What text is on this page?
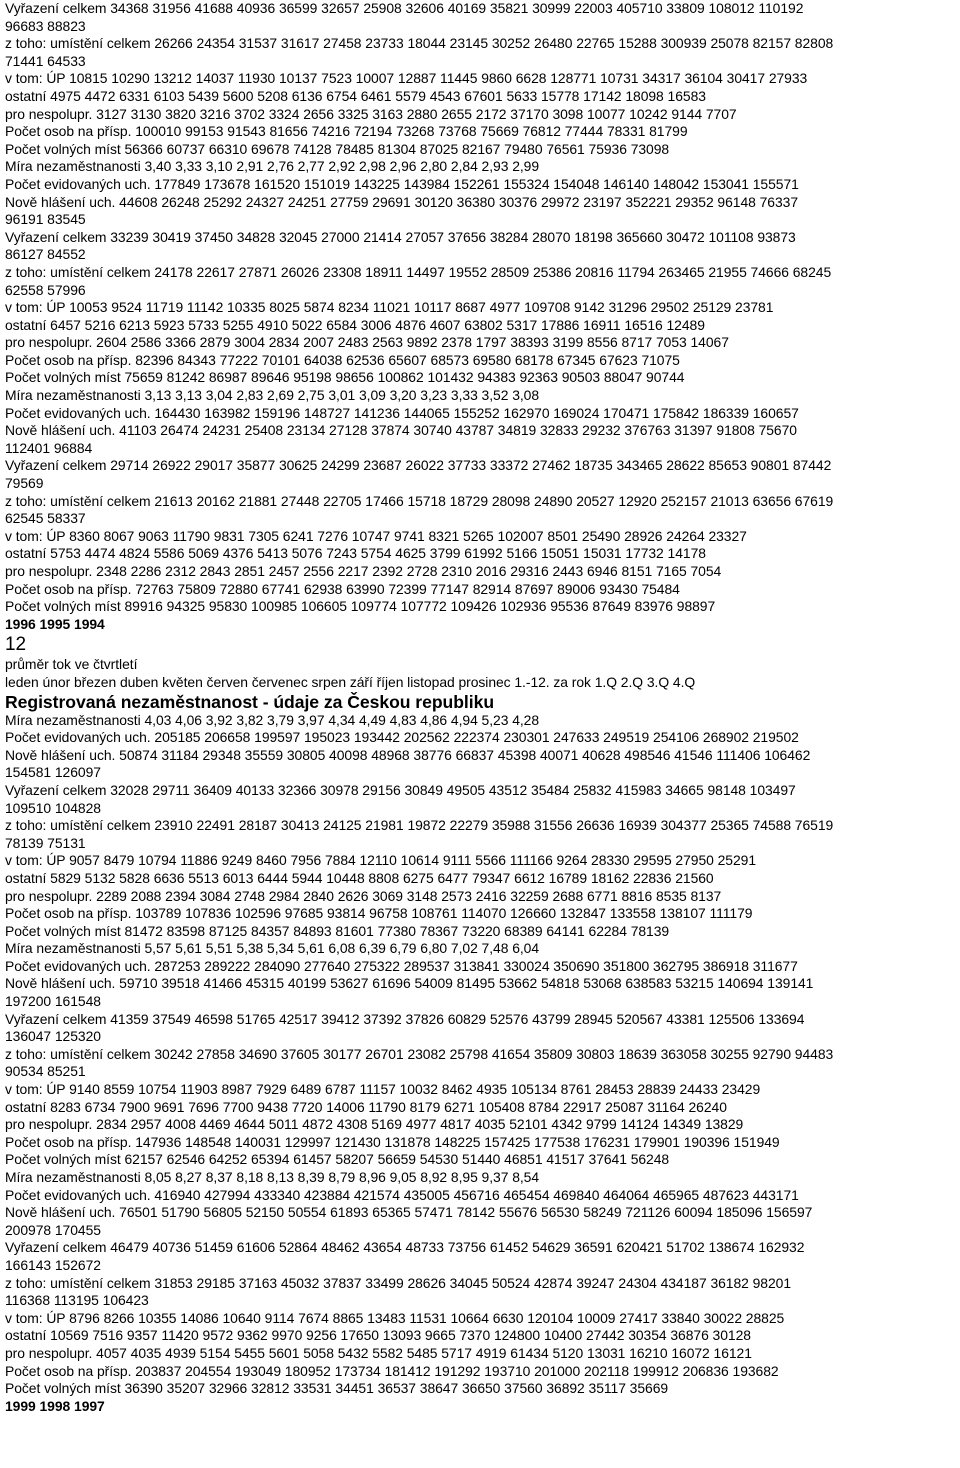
Vyřazení celkem 34368 31956 41688 40936 36599 32657 25908 32606 40169 35821 30999 22003 405710 33809 108012 110192
96683 88823
z toho: umístění celkem 26266 24354 31537 31617 27458 23733 18044 23145 30252 26480 22765 15288 300939 25078 82157 82808
71441 64533
v tom: ÚP 10815 10290 13212 14037 11930 10137 7523 10007 12887 11445 9860 6628 128771 10731 34317 36104 30417 27933
ostatní 4975 4472 6331 6103 5439 5600 5208 6136 6754 6461 5579 4543 67601 5633 15778 17142 18098 16583
pro nespolupr. 3127 3130 3820 3216 3702 3324 2656 3325 3163 2880 2655 2172 37170 3098 10077 10242 9144 7707
Počet osob na přísp. 100010 99153 91543 81656 74216 72194 73268 73768 75669 76812 77444 78331 81799
Počet volných míst 56366 60737 66310 69678 74128 78485 81304 87025 82167 79480 76561 75936 73098
Míra nezaměstnanosti 3,40 3,33 3,10 2,91 2,76 2,77 2,92 2,98 2,96 2,80 2,84 2,93 2,99
Počet evidovaných uch. 177849 173678 161520 151019 143225 143984 152261 155324 154048 146140 148042 153041 155571
Nově hlášení uch. 44608 26248 25292 24327 24251 27759 29691 30120 36380 30376 29972 23197 352221 29352 96148 76337
96191 83545
Vyřazení celkem 33239 30419 37450 34828 32045 27000 21414 27057 37656 38284 28070 18198 365660 30472 101108 93873
86127 84552
z toho: umístění celkem 24178 22617 27871 26026 23308 18911 14497 19552 28509 25386 20816 11794 263465 21955 74666 68245
62558 57996
v tom: ÚP 10053 9524 11719 11142 10335 8025 5874 8234 11021 10117 8687 4977 109708 9142 31296 29502 25129 23781
ostatní 6457 5216 6213 5923 5733 5255 4910 5022 6584 3006 4876 4607 63802 5317 17886 16911 16516 12489
pro nespolupr. 2604 2586 3366 2879 3004 2834 2007 2483 2563 9892 2378 1797 38393 3199 8556 8717 7053 14067
Počet osob na přísp. 82396 84343 77222 70101 64038 62536 65607 68573 69580 68178 67345 67623 71075
Počet volných míst 75659 81242 86987 89646 95198 98656 100862 101432 94383 92363 90503 88047 90744
Míra nezaměstnanosti 3,13 3,13 3,04 2,83 2,69 2,75 3,01 3,09 3,20 3,23 3,33 3,52 3,08
Počet evidovaných uch. 164430 163982 159196 148727 141236 144065 155252 162970 169024 170471 175842 186339 160657
Nově hlášení uch. 41103 26474 24231 25408 23134 27128 37874 30740 43787 34819 32833 29232 376763 31397 91808 75670
112401 96884
Vyřazení celkem 29714 26922 29017 35877 30625 24299 23687 26022 37733 33372 27462 18735 343465 28622 85653 90801 87442
79569
z toho: umístění celkem 21613 20162 21881 27448 22705 17466 15718 18729 28098 24890 20527 12920 252157 21013 63656 67619
62545 58337
v tom: ÚP 8360 8067 9063 11790 9831 7305 6241 7276 10747 9741 8321 5265 102007 8501 25490 28926 24264 23327
ostatní 5753 4474 4824 5586 5069 4376 5413 5076 7243 5754 4625 3799 61992 5166 15051 15031 17732 14178
pro nespolupr. 2348 2286 2312 2843 2851 2457 2556 2217 2392 2728 2310 2016 29316 2443 6946 8151 7165 7054
Počet osob na přísp. 72763 75809 72880 67741 62938 63990 72399 77147 82914 87697 89006 93430 75484
Počet volných míst 89916 94325 95830 100985 106605 109774 107772 109426 102936 95536 87649 83976 98897
1996 1995 1994
12
průměr tok ve čtvrtletí
leden únor březen duben květen červen červenec srpen září říjen listopad prosinec 1.-12. za rok 1.Q 2.Q 3.Q 4.Q
Registrovaná nezaměstnanost - údaje za Českou republiku
Míra nezaměstnanosti 4,03 4,06 3,92 3,82 3,79 3,97 4,34 4,49 4,83 4,86 4,94 5,23 4,28
Počet evidovaných uch. 205185 206658 199597 195023 193442 202562 222374 230301 247633 249519 254106 268902 219502
Nově hlášení uch. 50874 31184 29348 35559 30805 40098 48968 38776 66837 45398 40071 40628 498546 41546 111406 106462
154581 126097
Vyřazení celkem 32028 29711 36409 40133 32366 30978 29156 30849 49505 43512 35484 25832 415983 34665 98148 103497
109510 104828
z toho: umístění celkem 23910 22491 28187 30413 24125 21981 19872 22279 35988 31556 26636 16939 304377 25365 74588 76519
78139 75131
v tom: ÚP 9057 8479 10794 11886 9249 8460 7956 7884 12110 10614 9111 5566 111166 9264 28330 29595 27950 25291
ostatní 5829 5132 5828 6636 5513 6013 6444 5944 10448 8808 6275 6477 79347 6612 16789 18162 22836 21560
pro nespolupr. 2289 2088 2394 3084 2748 2984 2840 2626 3069 3148 2573 2416 32259 2688 6771 8816 8535 8137
Počet osob na přísp. 103789 107836 102596 97685 93814 96758 108761 114070 126660 132847 133558 138107 111179
Počet volných míst 81472 83598 87125 84357 84893 81601 77380 78367 73220 68389 64141 62284 78139
Míra nezaměstnanosti 5,57 5,61 5,51 5,38 5,34 5,61 6,08 6,39 6,79 6,80 7,02 7,48 6,04
Počet evidovaných uch. 287253 289222 284090 277640 275322 289537 313841 330024 350690 351800 362795 386918 311677
Nově hlášení uch. 59710 39518 41466 45315 40199 53627 61696 54009 81495 53662 54818 53068 638583 53215 140694 139141
197200 161548
Vyřazení celkem 41359 37549 46598 51765 42517 39412 37392 37826 60829 52576 43799 28945 520567 43381 125506 133694
136047 125320
z toho: umístění celkem 30242 27858 34690 37605 30177 26701 23082 25798 41654 35809 30803 18639 363058 30255 92790 94483
90534 85251
v tom: ÚP 9140 8559 10754 11903 8987 7929 6489 6787 11157 10032 8462 4935 105134 8761 28453 28839 24433 23429
ostatní 8283 6734 7900 9691 7696 7700 9438 7720 14006 11790 8179 6271 105408 8784 22917 25087 31164 26240
pro nespolupr. 2834 2957 4008 4469 4644 5011 4872 4308 5169 4977 4817 4035 52101 4342 9799 14124 14349 13829
Počet osob na přísp. 147936 148548 140031 129997 121430 131878 148225 157425 177538 176231 179901 190396 151949
Počet volných míst 62157 62546 64252 65394 61457 58207 56659 54530 51440 46851 41517 37641 56248
Míra nezaměstnanosti 8,05 8,27 8,37 8,18 8,13 8,39 8,79 8,96 9,05 8,92 8,95 9,37 8,54
Počet evidovaných uch. 416940 427994 433340 423884 421574 435005 456716 465454 469840 464064 465965 487623 443171
Nově hlášení uch. 76501 51790 56805 52150 50554 61893 65365 57471 78142 55676 56530 58249 721126 60094 185096 156597
200978 170455
Vyřazení celkem 46479 40736 51459 61606 52864 48462 43654 48733 73756 61452 54629 36591 620421 51702 138674 162932
166143 152672
z toho: umístění celkem 31853 29185 37163 45032 37837 33499 28626 34045 50524 42874 39247 24304 434187 36182 98201
116368 113195 106423
v tom: ÚP 8796 8266 10355 14086 10640 9114 7674 8865 13483 11531 10664 6630 120104 10009 27417 33840 30022 28825
ostatní 10569 7516 9357 11420 9572 9362 9970 9256 17650 13093 9665 7370 124800 10400 27442 30354 36876 30128
pro nespolupr. 4057 4035 4939 5154 5455 5601 5058 5432 5582 5485 5717 4919 61434 5120 13031 16210 16072 16121
Počet osob na přísp. 203837 204554 193049 180952 173734 181412 191292 193710 201000 202118 199912 206836 193682
Počet volných míst 36390 35207 32966 32812 33531 34451 36537 38647 36650 37560 36892 35117 35669
1999 1998 1997
